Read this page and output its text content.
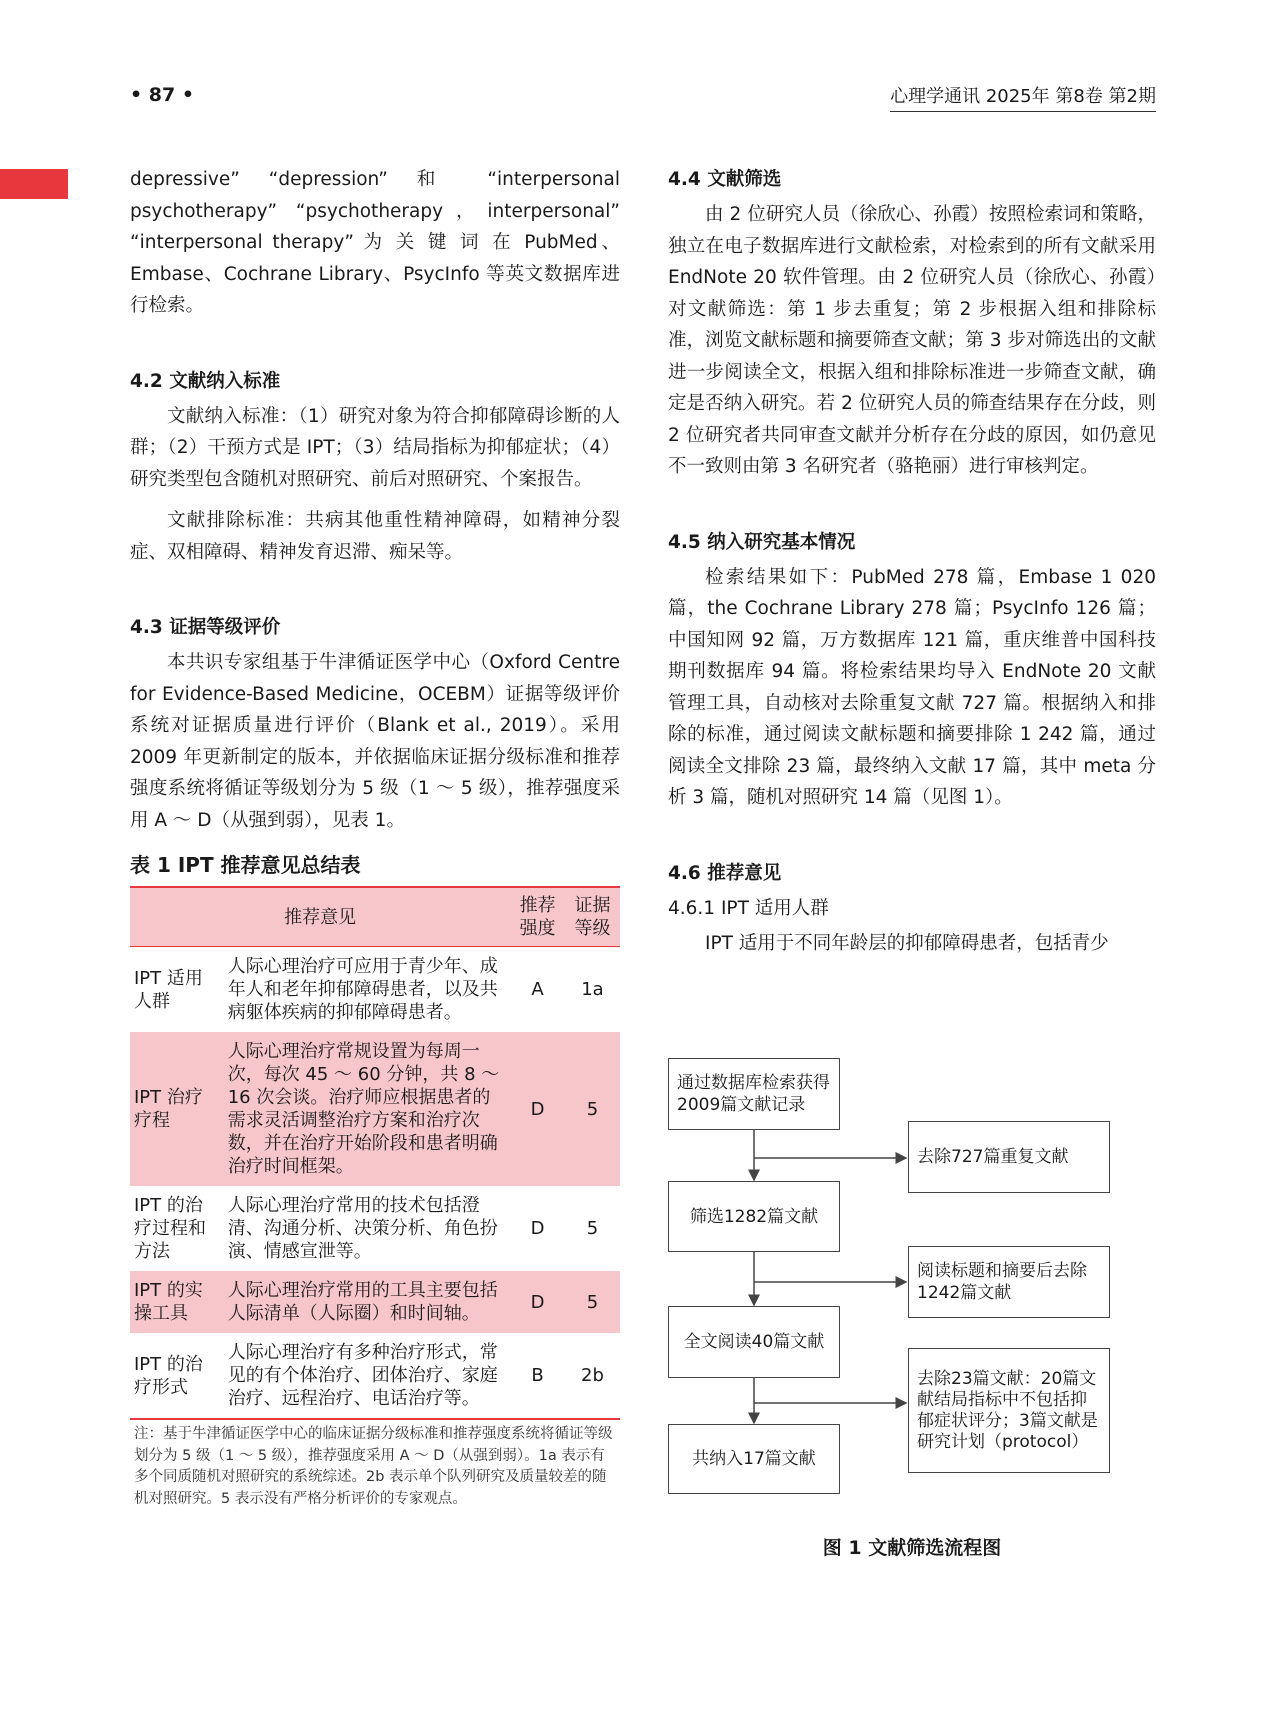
• 87 •	心理学通讯 2025年 第8卷 第2期

depressive” “depression” 和 “interpersonal psychotherapy” “psychotherapy，interpersonal” “interpersonal therapy” 为 关 键 词 在 PubMed、Embase、Cochrane Library、PsycInfo 等英文数据库进行检索。

4.2 文献纳入标准

文献纳入标准：（1）研究对象为符合抑郁障碍诊断的人群；（2）干预方式是 IPT；（3）结局指标为抑郁症状；（4）研究类型包含随机对照研究、前后对照研究、个案报告。

文献排除标准：共病其他重性精神障碍，如精神分裂症、双相障碍、精神发育迟滞、痴呆等。

4.3 证据等级评价

本共识专家组基于牛津循证医学中心（Oxford Centre for Evidence-Based Medicine，OCEBM）证据等级评价系统对证据质量进行评价（Blank et al., 2019）。采用 2009 年更新制定的版本，并依据临床证据分级标准和推荐强度系统将循证等级划分为 5 级（1 ～ 5 级），推荐强度采用 A ～ D（从强到弱），见表 1。

表 1 IPT 推荐意见总结表
推荐意见		推荐强度	证据等级
IPT 适用人群	人际心理治疗可应用于青少年、成年人和老年抑郁障碍患者，以及共病躯体疾病的抑郁障碍患者。	A	1a
IPT 治疗疗程	人际心理治疗常规设置为每周一次，每次 45 ～ 60 分钟，共 8 ～ 16 次会谈。治疗师应根据患者的需求灵活调整治疗方案和治疗次数，并在治疗开始阶段和患者明确治疗时间框架。	D	5
IPT 的治疗过程和方法	人际心理治疗常用的技术包括澄清、沟通分析、决策分析、角色扮演、情感宣泄等。	D	5
IPT 的实操工具	人际心理治疗常用的工具主要包括人际清单（人际圈）和时间轴。	D	5
IPT 的治疗形式	人际心理治疗有多种治疗形式，常见的有个体治疗、团体治疗、家庭治疗、远程治疗、电话治疗等。	B	2b
注：基于牛津循证医学中心的临床证据分级标准和推荐强度系统将循证等级划分为 5 级（1 ～ 5 级），推荐强度采用 A ～ D（从强到弱）。1a 表示有多个同质随机对照研究的系统综述。2b 表示单个队列研究及质量较差的随机对照研究。5 表示没有严格分析评价的专家观点。
4.4 文献筛选

由 2 位研究人员（徐欣心、孙霞）按照检索词和策略，独立在电子数据库进行文献检索，对检索到的所有文献采用 EndNote 20 软件管理。由 2 位研究人员（徐欣心、孙霞）对文献筛选：第 1 步去重复；第 2 步根据入组和排除标准，浏览文献标题和摘要筛查文献；第 3 步对筛选出的文献进一步阅读全文，根据入组和排除标准进一步筛查文献，确定是否纳入研究。若 2 位研究人员的筛查结果存在分歧，则 2 位研究者共同审查文献并分析存在分歧的原因，如仍意见不一致则由第 3 名研究者（骆艳丽）进行审核判定。

4.5 纳入研究基本情况

检索结果如下：PubMed 278 篇，Embase 1 020 篇，the Cochrane Library 278 篇；PsycInfo 126 篇；中国知网 92 篇，万方数据库 121 篇，重庆维普中国科技期刊数据库 94 篇。将检索结果均导入 EndNote 20 文献管理工具，自动核对去除重复文献 727 篇。根据纳入和排除的标准，通过阅读文献标题和摘要排除 1 242 篇，通过阅读全文排除 23 篇，最终纳入文献 17 篇，其中 meta 分析 3 篇，随机对照研究 14 篇（见图 1）。

4.6 推荐意见
4.6.1 IPT 适用人群

IPT 适用于不同年龄层的抑郁障碍患者，包括青少

通过数据库检索获得2009篇文献记录
筛选1282篇文献
全文阅读40篇文献
共纳入17篇文献
去除727篇重复文献
阅读标题和摘要后去除1242篇文献
去除23篇文献：20篇文献结局指标中不包括抑郁症状评分；3篇文献是研究计划（protocol）
图 1 文献筛选流程图
